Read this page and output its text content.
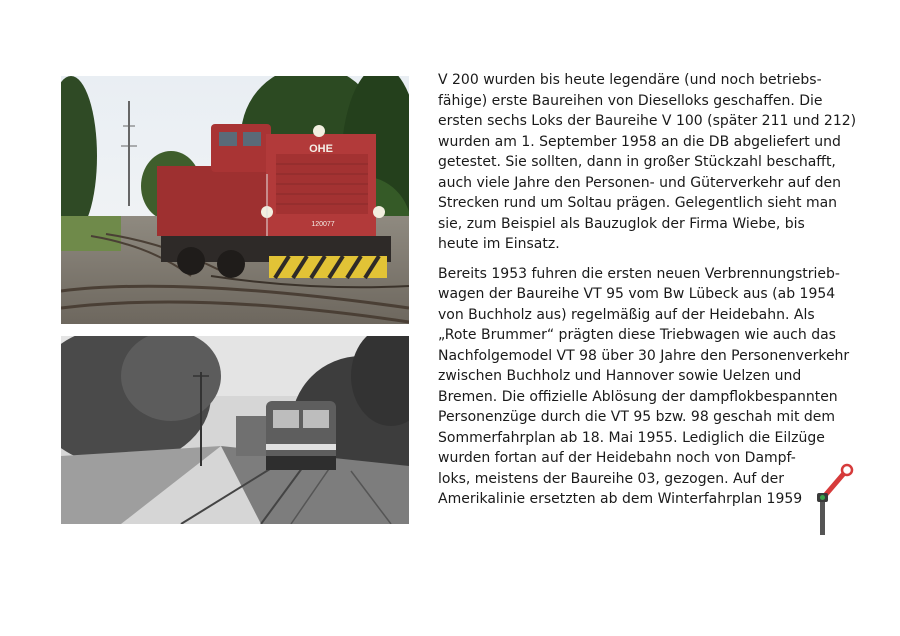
OHE
120077
V 200 wurden bis heute legendäre (und noch betriebs-
fähige) erste Baureihen von Dieselloks geschaffen. Die
ersten sechs Loks der Baureihe V 100 (später 211 und 212)
wurden am 1. September 1958 an die DB abgeliefert und
getestet. Sie sollten, dann in großer Stückzahl beschafft,
auch viele Jahre den Personen- und Güterverkehr auf den
Strecken rund um Soltau prägen. Gelegentlich sieht man
sie, zum Beispiel als Bauzuglok der Firma Wiebe, bis
heute im Einsatz.
Bereits 1953 fuhren die ersten neuen Verbrennungstrieb-
wagen der Baureihe VT 95 vom Bw Lübeck aus (ab 1954
von Buchholz aus) regelmäßig auf der Heidebahn. Als
„Rote Brummer“ prägten diese Triebwagen wie auch das
Nachfolgemodel VT 98 über 30 Jahre den Personenverkehr
zwischen Buchholz und Hannover sowie Uelzen und
Bremen. Die offizielle Ablösung der dampflokbespannten
Personenzüge durch die VT 95 bzw. 98 geschah mit dem
Sommerfahrplan ab 18. Mai 1955. Lediglich die Eilzüge
wurden fortan auf der Heidebahn noch von Dampf-
loks, meistens der Baureihe 03, gezogen. Auf der
Amerikalinie ersetzten ab dem Winterfahrplan 1959
